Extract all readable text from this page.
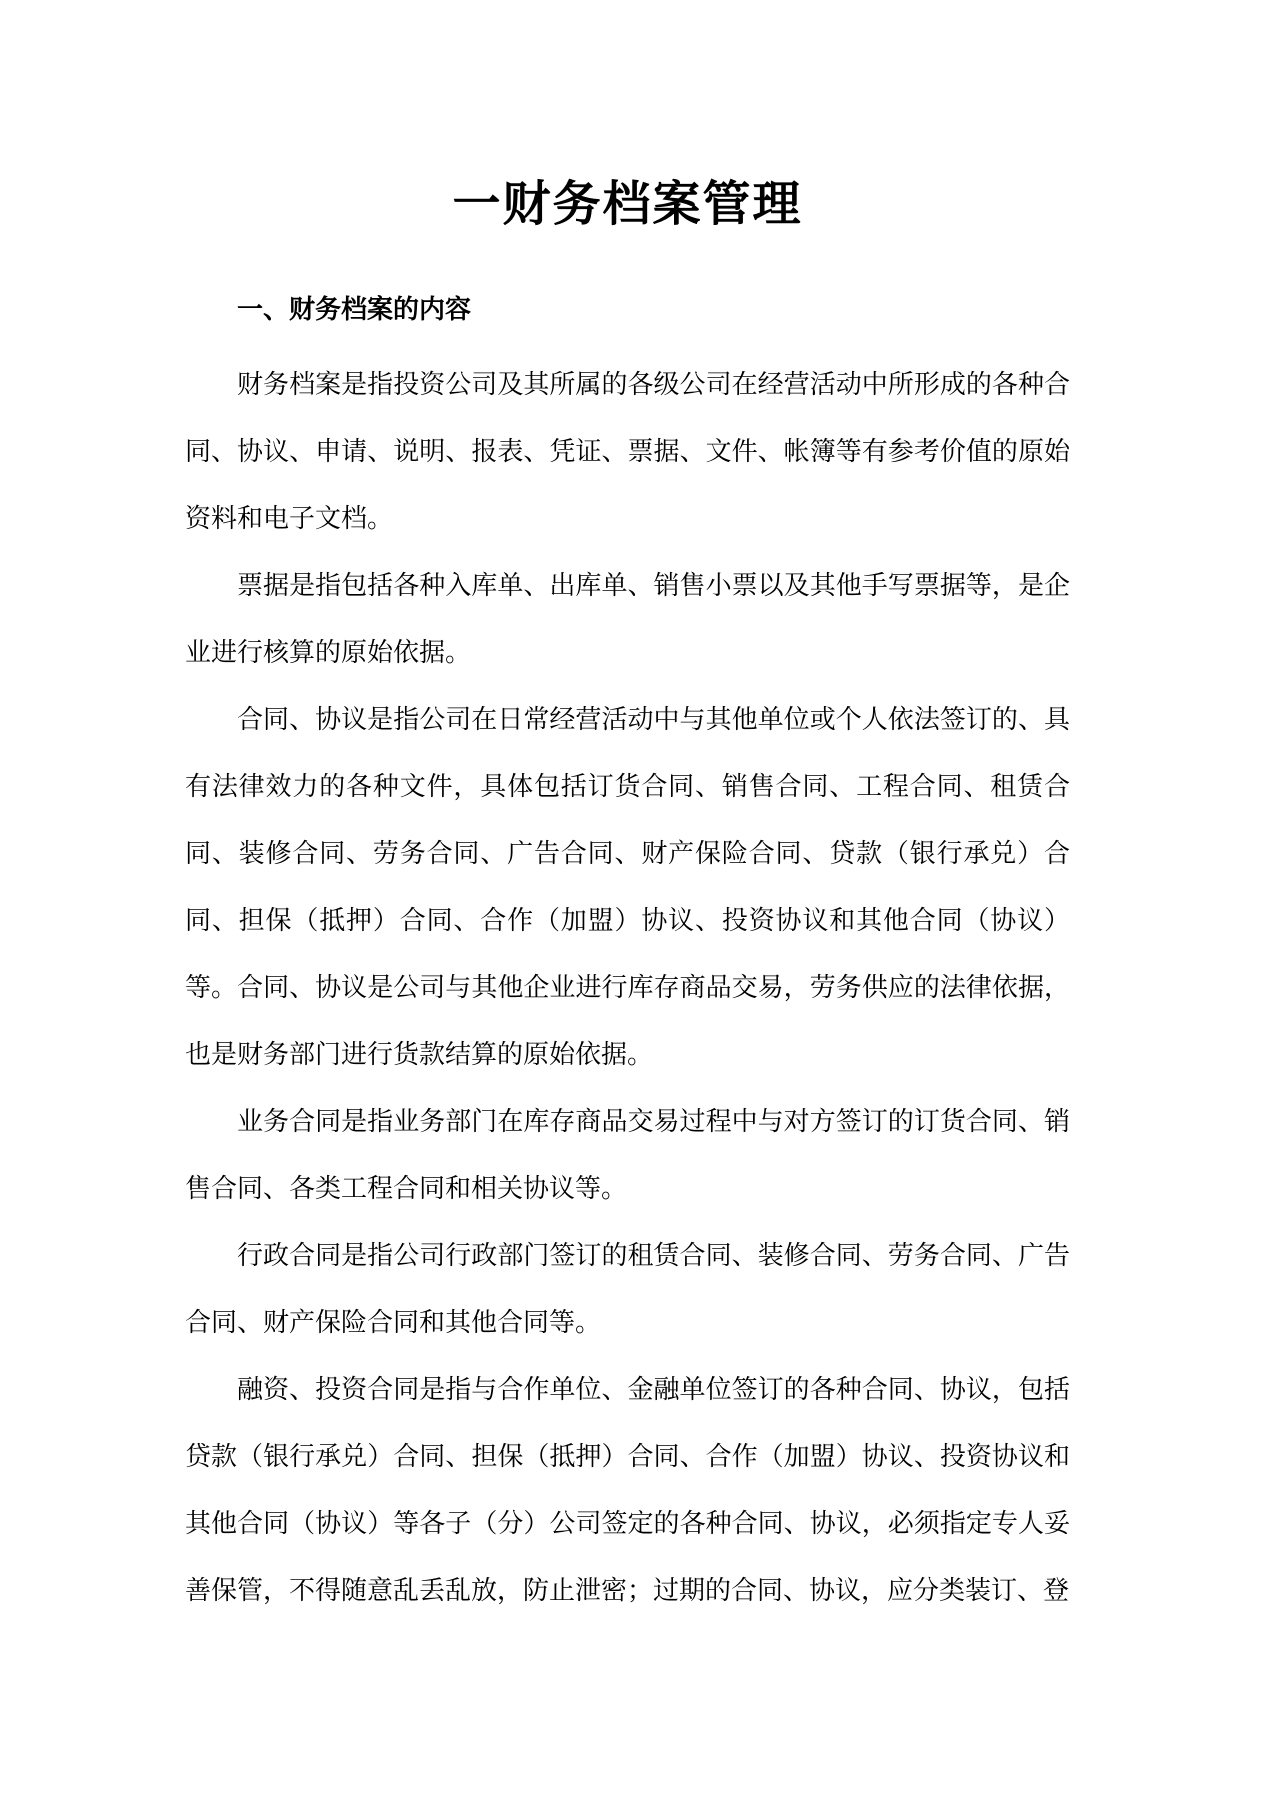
一财务档案管理
一、财务档案的内容

财务档案是指投资公司及其所属的各级公司在经营活动中所形成的各种合同、协议、申请、说明、报表、凭证、票据、文件、帐簿等有参考价值的原始资料和电子文档。

票据是指包括各种入库单、出库单、销售小票以及其他手写票据等，是企业进行核算的原始依据。

合同、协议是指公司在日常经营活动中与其他单位或个人依法签订的、具有法律效力的各种文件，具体包括订货合同、销售合同、工程合同、租赁合同、装修合同、劳务合同、广告合同、财产保险合同、贷款（银行承兑）合同、担保（抵押）合同、合作（加盟）协议、投资协议和其他合同（协议）等。合同、协议是公司与其他企业进行库存商品交易，劳务供应的法律依据，也是财务部门进行货款结算的原始依据。

业务合同是指业务部门在库存商品交易过程中与对方签订的订货合同、销售合同、各类工程合同和相关协议等。

行政合同是指公司行政部门签订的租赁合同、装修合同、劳务合同、广告合同、财产保险合同和其他合同等。

融资、投资合同是指与合作单位、金融单位签订的各种合同、协议，包括贷款（银行承兑）合同、担保（抵押）合同、合作（加盟）协议、投资协议和其他合同（协议）等各子（分）公司签定的各种合同、协议，必须指定专人妥善保管，不得随意乱丢乱放，防止泄密；过期的合同、协议，应分类装订、登
